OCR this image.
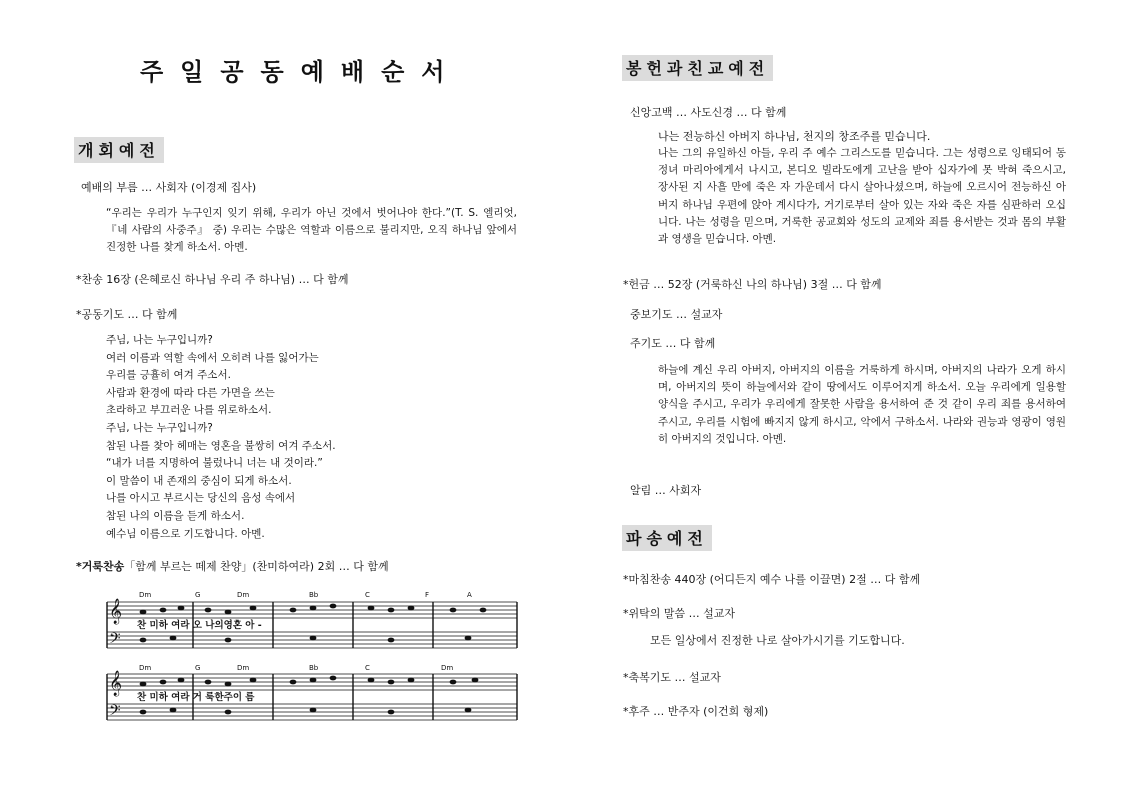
주일공동예배순서
개회예전
예배의 부름 … 사회자 (이경제 집사)
“우리는 우리가 누구인지 잊기 위해, 우리가 아닌 것에서 벗어나야 한다.”(T. S. 엘리엇, 『네 사람의 사중주』 중) 우리는 수많은 역할과 이름으로 불리지만, 오직 하나님 앞에서 진정한 나를 찾게 하소서. 아멘.
*찬송 16장 (은혜로신 하나님 우리 주 하나님) … 다 함께
*공동기도 … 다 함께
주님, 나는 누구입니까?
여러 이름과 역할 속에서 오히려 나를 잃어가는
우리를 긍휼히 여겨 주소서.
사람과 환경에 따라 다른 가면을 쓰는
초라하고 부끄러운 나를 위로하소서.
주님, 나는 누구입니까?
참된 나를 찾아 헤매는 영혼을 불쌍히 여겨 주소서.
“내가 너를 지명하여 불렀나니 너는 내 것이라.”
이 말씀이 내 존재의 중심이 되게 하소서.
나를 아시고 부르시는 당신의 음성 속에서
참된 나의 이름을 듣게 하소서.
예수님 이름으로 기도합니다. 아멘.
*거룩찬송「함께 부르는 떼제 찬양」(찬미하여라) 2회 … 다 함께
𝄞
𝄢
𝄞
𝄢
Dm	G	Dm	Bb	C	F	A
Dm	G	Dm	Bb	C	Dm
찬 미하 여라 오 나의영혼 아 -
찬 미하 여라 거 룩한주이 름
봉헌과친교예전
신앙고백 … 사도신경 … 다 함께
나는 전능하신 아버지 하나님, 천지의 창조주를 믿습니다.
나는 그의 유일하신 아들, 우리 주 예수 그리스도를 믿습니다. 그는 성령으로 잉태되어 동정녀 마리아에게서 나시고, 본디오 빌라도에게 고난을 받아 십자가에 못 박혀 죽으시고, 장사된 지 사흘 만에 죽은 자 가운데서 다시 살아나셨으며, 하늘에 오르시어 전능하신 아버지 하나님 우편에 앉아 계시다가, 거기로부터 살아 있는 자와 죽은 자를 심판하러 오십니다. 나는 성령을 믿으며, 거룩한 공교회와 성도의 교제와 죄를 용서받는 것과 몸의 부활과 영생을 믿습니다. 아멘.
*헌금 … 52장 (거룩하신 나의 하나님) 3절 … 다 함께
중보기도 … 설교자
주기도 … 다 함께
하늘에 계신 우리 아버지, 아버지의 이름을 거룩하게 하시며, 아버지의 나라가 오게 하시며, 아버지의 뜻이 하늘에서와 같이 땅에서도 이루어지게 하소서. 오늘 우리에게 일용할 양식을 주시고, 우리가 우리에게 잘못한 사람을 용서하여 준 것 같이 우리 죄를 용서하여 주시고, 우리를 시험에 빠지지 않게 하시고, 악에서 구하소서. 나라와 권능과 영광이 영원히 아버지의 것입니다. 아멘.
알림 … 사회자
파송예전
*마침찬송 440장 (어디든지 예수 나를 이끌면) 2절 … 다 함께
*위탁의 말씀 … 설교자
모든 일상에서 진정한 나로 살아가시기를 기도합니다.
*축복기도 … 설교자
*후주 … 반주자 (이건희 형제)
